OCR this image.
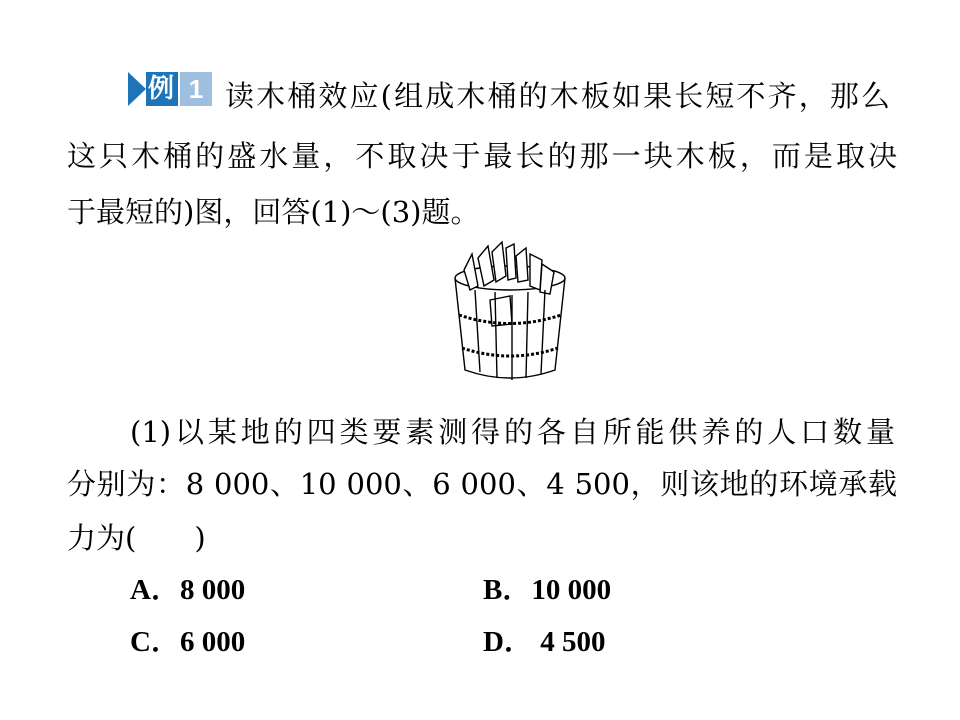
例 1 读木桶效应(组成木桶的木板如果长短不齐，那么
这只木桶的盛水量，不取决于最长的那一块木板，而是取决
于最短的)图，回答(1)～(3)题。
(1)以某地的四类要素测得的各自所能供养的人口数量
分别为：8 000、10 000、6 000、4 500，则该地的环境承载
力为(　　)
A．8 000	B．10 000
C．6 000	D． 4 500
